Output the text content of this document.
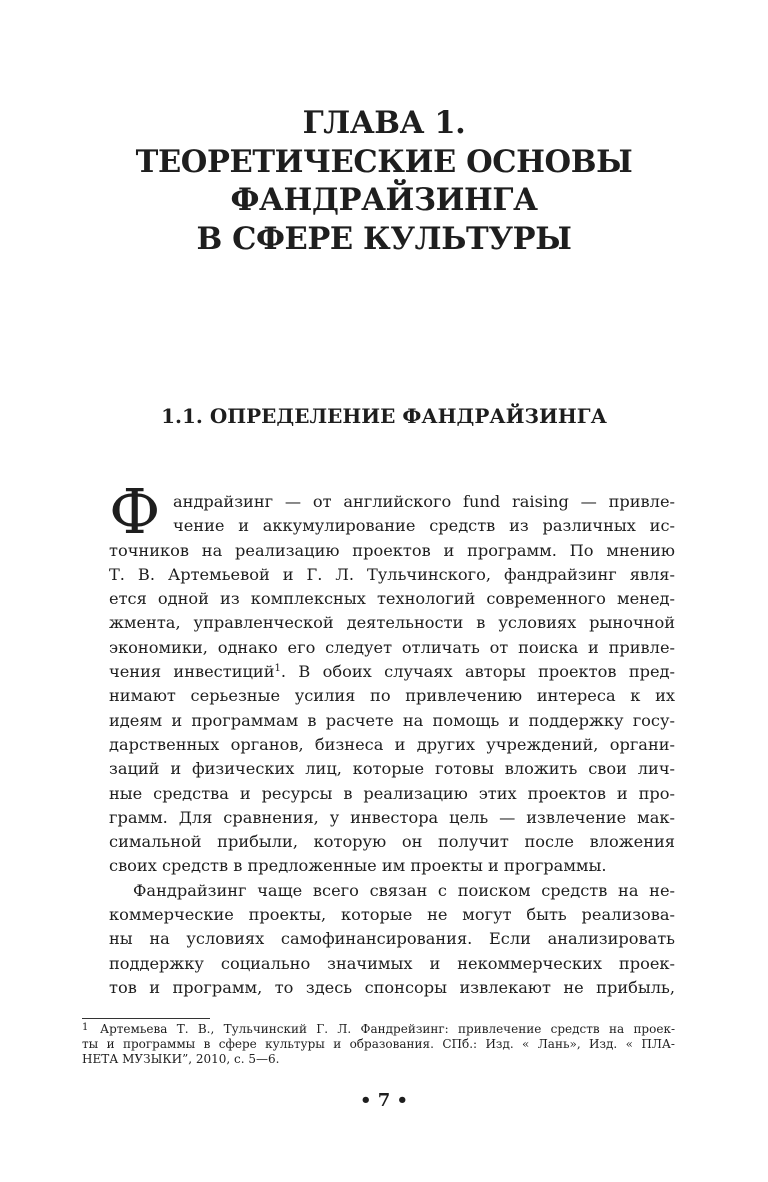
ГЛАВА 1.
ТЕОРЕТИЧЕСКИЕ ОСНОВЫ
ФАНДРАЙЗИНГА
В СФЕРЕ КУЛЬТУРЫ
1.1. ОПРЕДЕЛЕНИЕ ФАНДРАЙЗИНГА
Ф андрайзинг — от английского fund raising — привле-
чение и аккумулирование средств из различных ис-
точников на реализацию проектов и программ. По мнению
Т. В. Артемьевой и Г. Л. Тульчинского, фандрайзинг явля-
ется одной из комплексных технологий современного менед-
жмента, управленческой деятельности в условиях рыночной
экономики, однако его следует отличать от поиска и привле-
чения инвестиций$^1$. В обоих случаях авторы проектов пред-
нимают серьезные усилия по привлечению интереса к их
идеям и программам в расчете на помощь и поддержку госу-
дарственных органов, бизнеса и других учреждений, органи-
заций и физических лиц, которые готовы вложить свои лич-
ные средства и ресурсы в реализацию этих проектов и про-
грамм. Для сравнения, у инвестора цель — извлечение мак-
симальной прибыли, которую он получит после вложения
своих средств в предложенные им проекты и программы.
Фандрайзинг чаще всего связан с поиском средств на не-
коммерческие проекты, которые не могут быть реализова-
ны на условиях самофинансирования. Если анализировать
поддержку социально значимых и некоммерческих проек-
тов и программ, то здесь спонсоры извлекают не прибыль,
1 Артемьева Т. В., Тульчинский Г. Л. Фандрейзинг: привлечение средств на проек-
ты и программы в сфере культуры и образования. СПб.: Изд. « Лань», Изд. « ПЛА-
НЕТА МУЗЫКИ”, 2010, с. 5—6.
• 7 •
